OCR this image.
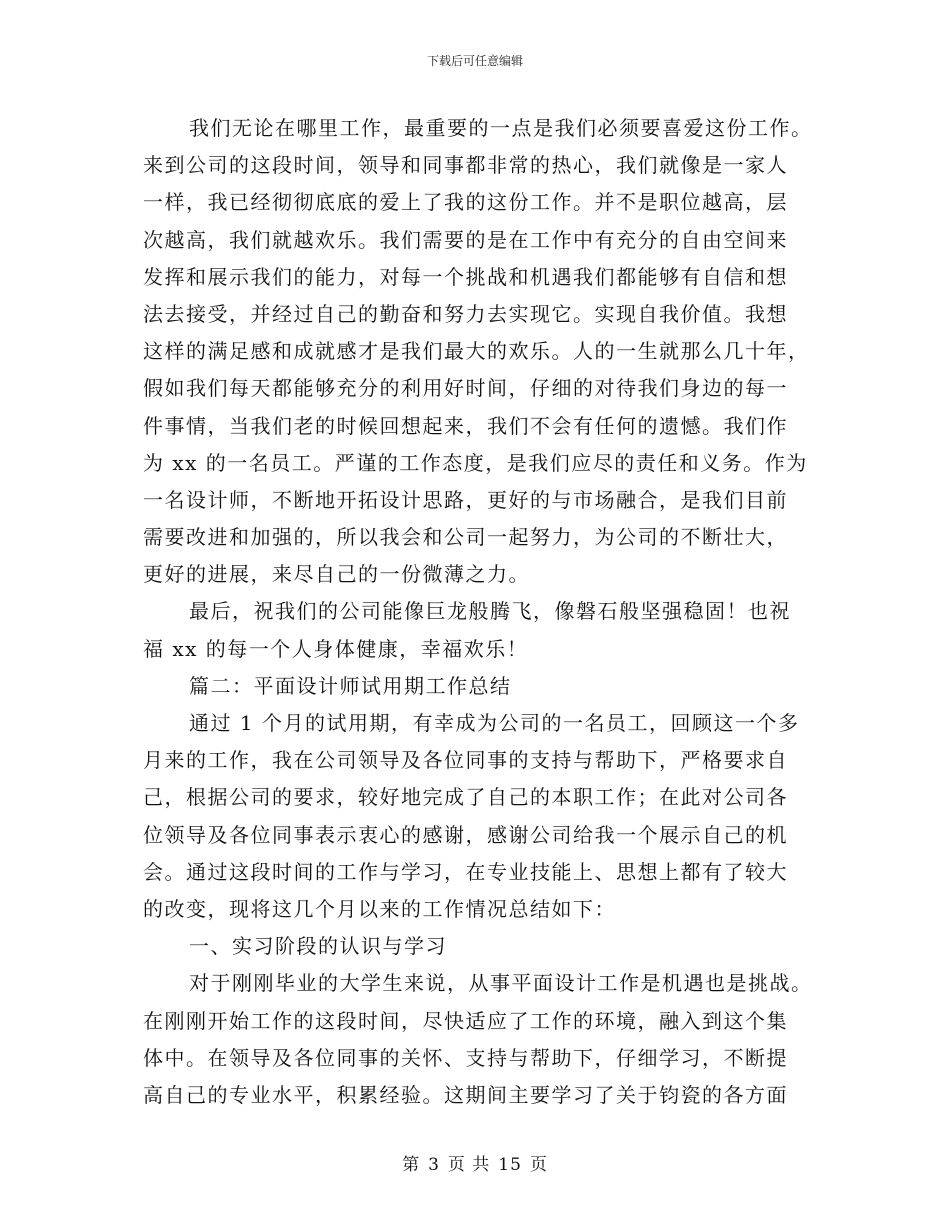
下载后可任意编辑
我们无论在哪里工作，最重要的一点是我们必须要喜爱这份工作。
来到公司的这段时间，领导和同事都非常的热心，我们就像是一家人
一样，我已经彻彻底底的爱上了我的这份工作。并不是职位越高，层
次越高，我们就越欢乐。我们需要的是在工作中有充分的自由空间来
发挥和展示我们的能力，对每一个挑战和机遇我们都能够有自信和想
法去接受，并经过自己的勤奋和努力去实现它。实现自我价值。我想
这样的满足感和成就感才是我们最大的欢乐。人的一生就那么几十年，
假如我们每天都能够充分的利用好时间，仔细的对待我们身边的每一
件事情，当我们老的时候回想起来，我们不会有任何的遗憾。我们作
为 xx 的一名员工。严谨的工作态度，是我们应尽的责任和义务。作为
一名设计师，不断地开拓设计思路，更好的与市场融合，是我们目前
需要改进和加强的，所以我会和公司一起努力，为公司的不断壮大，
更好的进展，来尽自己的一份微薄之力。
最后，祝我们的公司能像巨龙般腾飞，像磐石般坚强稳固！也祝
福 xx 的每一个人身体健康，幸福欢乐！
篇二：平面设计师试用期工作总结
通过 1 个月的试用期，有幸成为公司的一名员工，回顾这一个多
月来的工作，我在公司领导及各位同事的支持与帮助下，严格要求自
己，根据公司的要求，较好地完成了自己的本职工作；在此对公司各
位领导及各位同事表示衷心的感谢，感谢公司给我一个展示自己的机
会。通过这段时间的工作与学习，在专业技能上、思想上都有了较大
的改变，现将这几个月以来的工作情况总结如下：
一、实习阶段的认识与学习
对于刚刚毕业的大学生来说，从事平面设计工作是机遇也是挑战。
在刚刚开始工作的这段时间，尽快适应了工作的环境，融入到这个集
体中。在领导及各位同事的关怀、支持与帮助下，仔细学习，不断提
高自己的专业水平，积累经验。这期间主要学习了关于钧瓷的各方面
第 3 页 共 15 页
